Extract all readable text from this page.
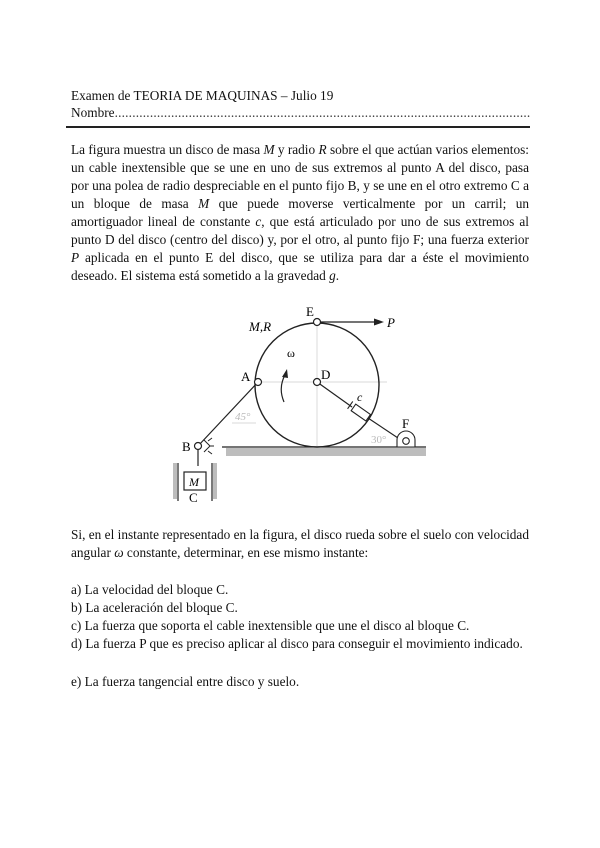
Examen de TEORIA DE MAQUINAS – Julio 19
Nombre......................................................................................................................
La figura muestra un disco de masa M y radio R sobre el que actúan varios elementos: un cable inextensible que se une en uno de sus extremos al punto A del disco, pasa por una polea de radio despreciable en el punto fijo B, y se une en el otro extremo C a un bloque de masa M que puede moverse verticalmente por un carril; un amortiguador lineal de constante c, que está articulado por uno de sus extremos al punto D del disco (centro del disco) y, por el otro, al punto fijo F; una fuerza exterior P aplicada en el punto E del disco, que se utiliza para dar a éste el movimiento deseado. El sistema está sometido a la gravedad g.
E
P
M,R
ω
A	D
c
45°
B
F
30°
M
C
Si, en el instante representado en la figura, el disco rueda sobre el suelo con velocidad angular ω constante, determinar, en ese mismo instante:
a) La velocidad del bloque C.
b) La aceleración del bloque C.
c) La fuerza que soporta el cable inextensible que une el disco al bloque C.
d) La fuerza P que es preciso aplicar al disco para conseguir el movimiento indicado.
e) La fuerza tangencial entre disco y suelo.
